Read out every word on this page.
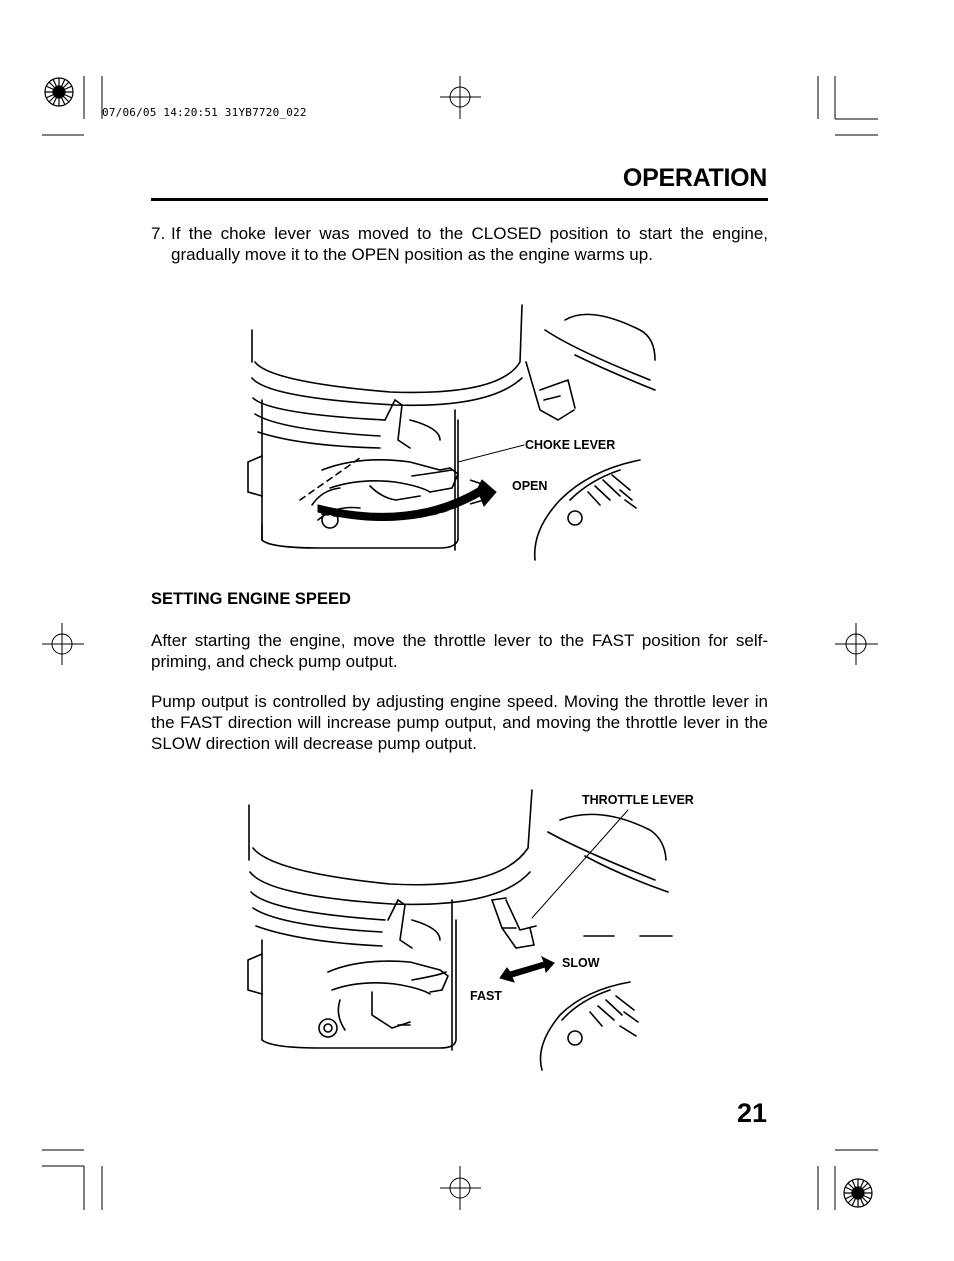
07/06/05 14:20:51 31YB7720_022
OPERATION
7. If the choke lever was moved to the CLOSED position to start the engine, gradually move it to the OPEN position as the engine warms up.
CHOKE LEVER
OPEN
SETTING ENGINE SPEED
After starting the engine, move the throttle lever to the FAST position for self-priming, and check pump output.
Pump output is controlled by adjusting engine speed. Moving the throttle lever in the FAST direction will increase pump output, and moving the throttle lever in the SLOW direction will decrease pump output.
THROTTLE LEVER
SLOW
FAST
21
